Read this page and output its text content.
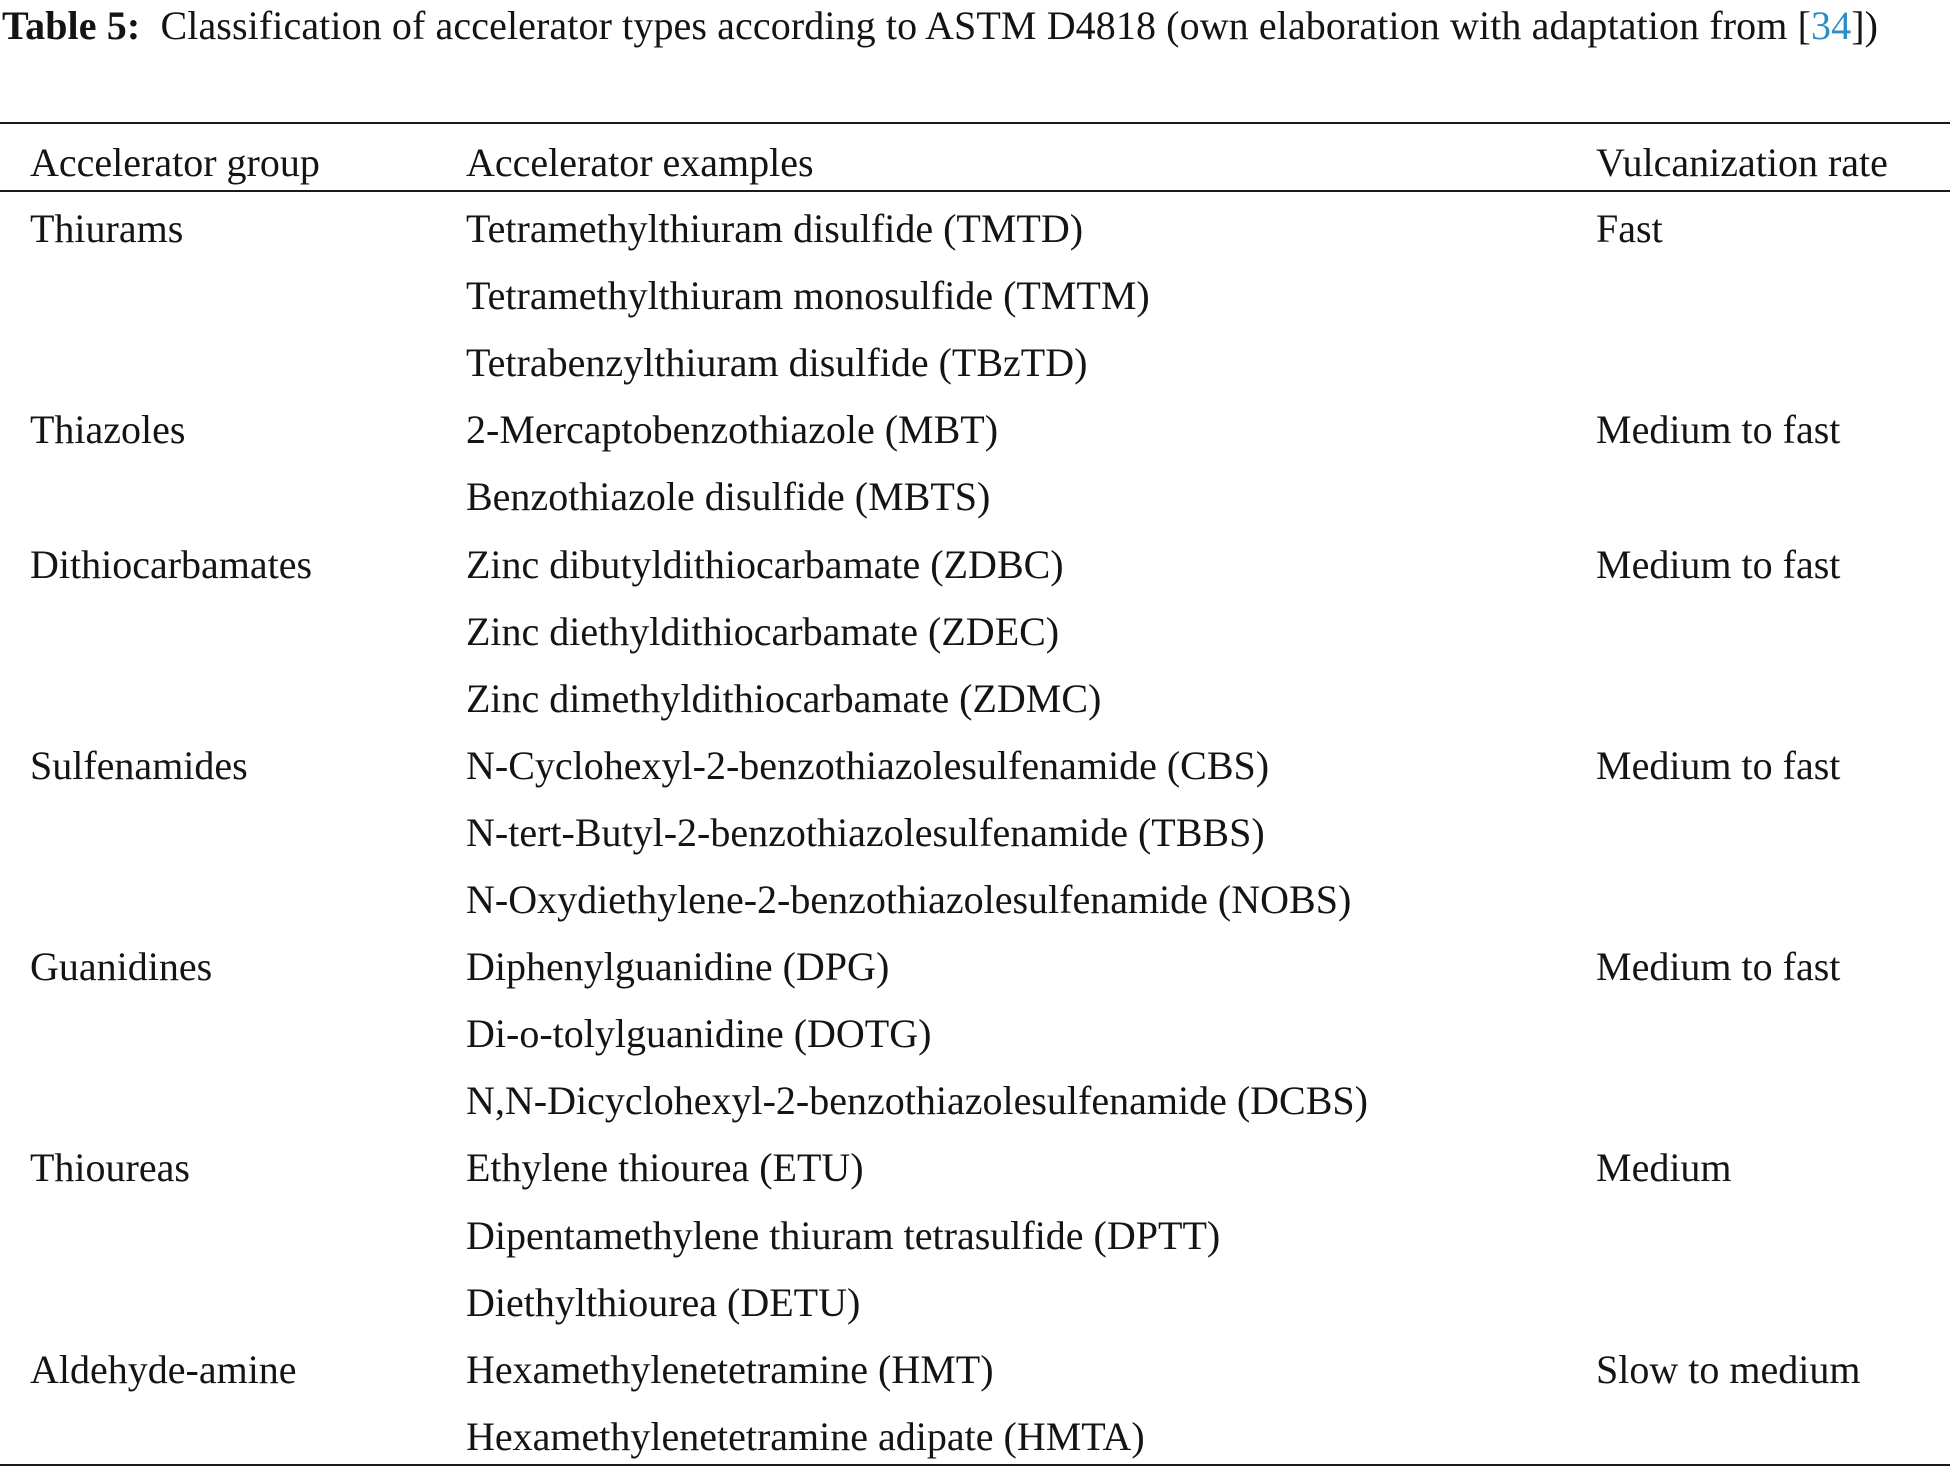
Table 5: Classification of accelerator types according to ASTM D4818 (own elaboration with adaptation from [34])
Accelerator group	Accelerator examples	Vulcanization rate
Thiurams	Tetramethylthiuram disulfide (TMTD)	Fast
Tetramethylthiuram monosulfide (TMTM)
Tetrabenzylthiuram disulfide (TBzTD)
Thiazoles	2-Mercaptobenzothiazole (MBT)	Medium to fast
Benzothiazole disulfide (MBTS)
Dithiocarbamates	Zinc dibutyldithiocarbamate (ZDBC)	Medium to fast
Zinc diethyldithiocarbamate (ZDEC)
Zinc dimethyldithiocarbamate (ZDMC)
Sulfenamides	N-Cyclohexyl-2-benzothiazolesulfenamide (CBS)	Medium to fast
N-tert-Butyl-2-benzothiazolesulfenamide (TBBS)
N-Oxydiethylene-2-benzothiazolesulfenamide (NOBS)
Guanidines	Diphenylguanidine (DPG)	Medium to fast
Di-o-tolylguanidine (DOTG)
N,N-Dicyclohexyl-2-benzothiazolesulfenamide (DCBS)
Thioureas	Ethylene thiourea (ETU)	Medium
Dipentamethylene thiuram tetrasulfide (DPTT)
Diethylthiourea (DETU)
Aldehyde-amine	Hexamethylenetetramine (HMT)	Slow to medium
Hexamethylenetetramine adipate (HMTA)
